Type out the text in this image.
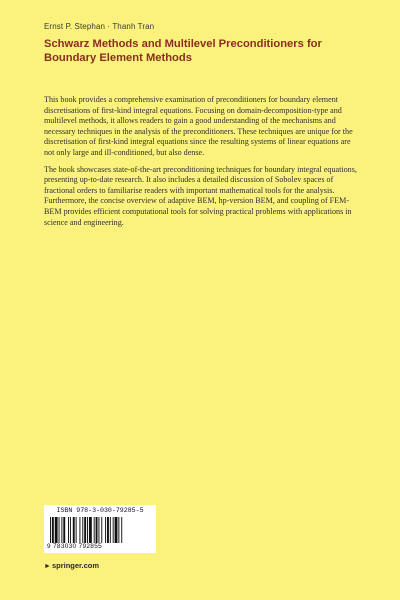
Ernst P. Stephan · Thanh Tran
Schwarz Methods and Multilevel Preconditioners for Boundary Element Methods

This book provides a comprehensive examination of preconditioners for boundary element discretisations of first-kind integral equations. Focusing on domain-decomposition-type and multilevel methods, it allows readers to gain a good understanding of the mechanisms and necessary techniques in the analysis of the preconditioners. These techniques are unique for the discretisation of first-kind integral equations since the resulting systems of linear equations are not only large and ill-conditioned, but also dense.

The book showcases state-of-the-art preconditioning techniques for boundary integral equations, presenting up-to-date research. It also includes a detailed discussion of Sobolev spaces of fractional orders to familiarise readers with important mathematical tools for the analysis. Furthermore, the concise overview of adaptive BEM, hp-version BEM, and coupling of FEM-BEM provides efficient computational tools for solving practical problems with applications in science and engineering.

ISBN 978-3-030-79285-5
9 783030 792855
►springer.com
